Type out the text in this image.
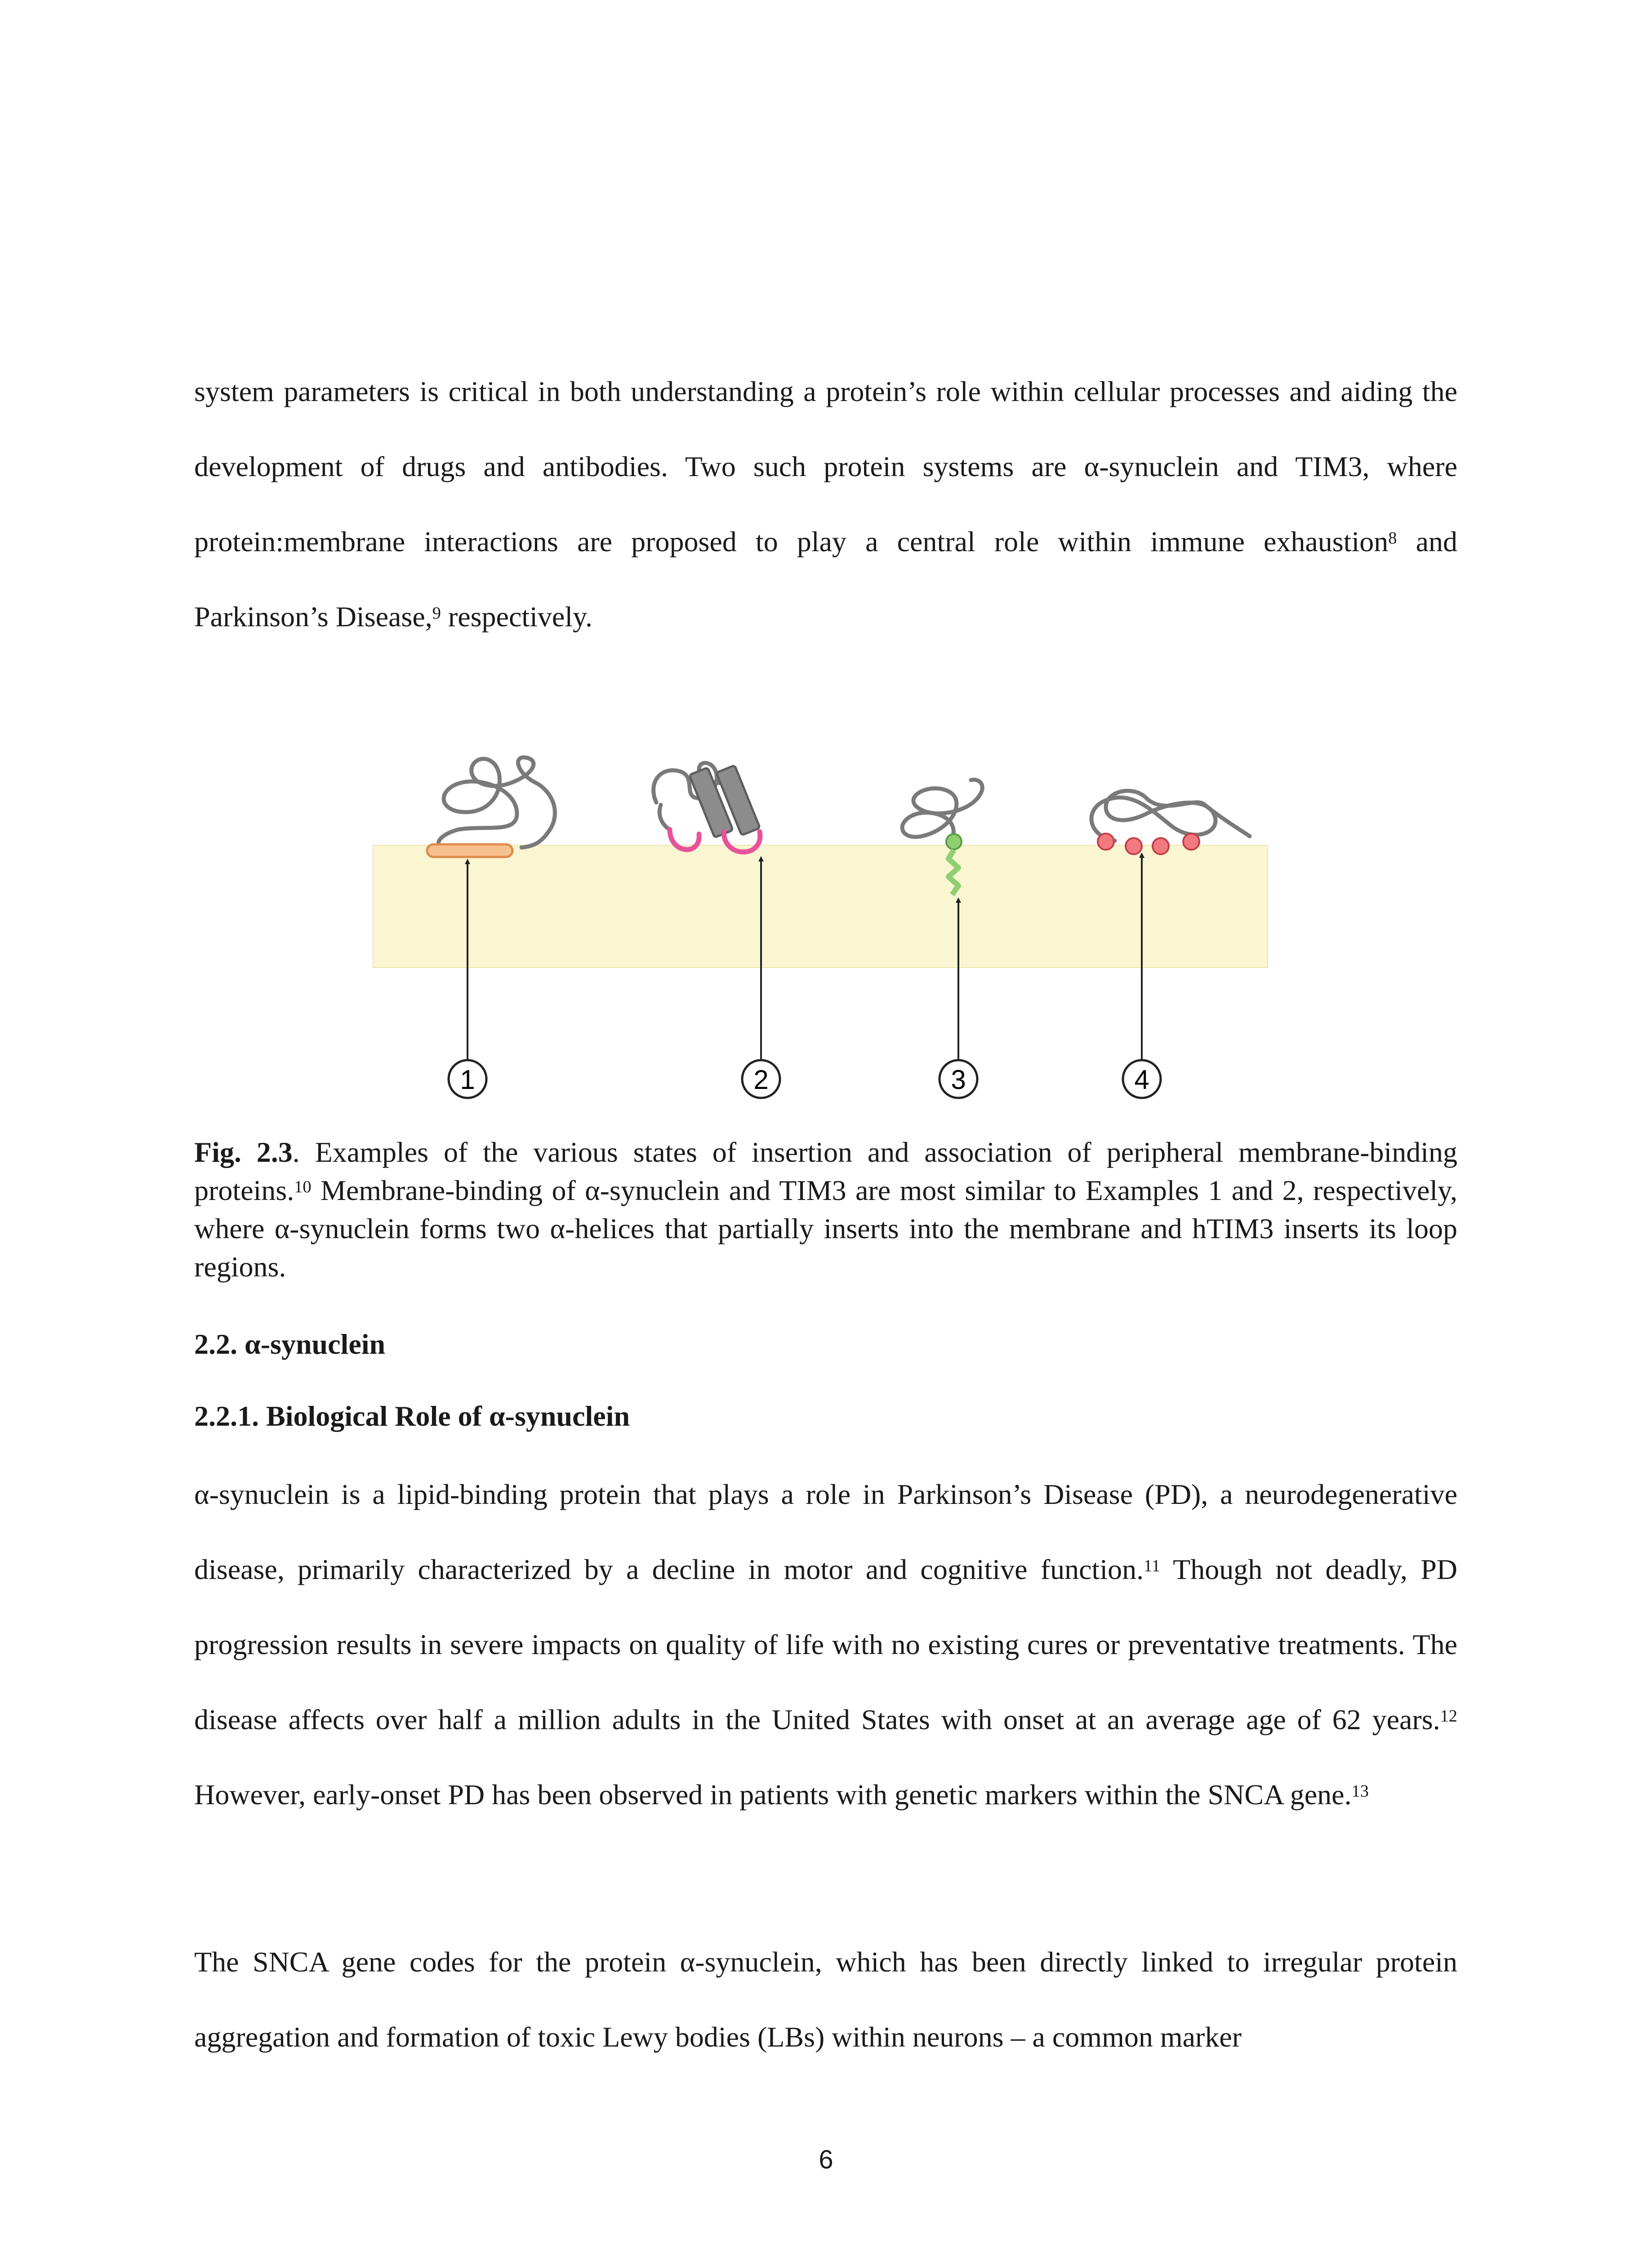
system parameters is critical in both understanding a protein’s role within cellular processes and aiding the development of drugs and antibodies. Two such protein systems are α-synuclein and TIM3, where protein:membrane interactions are proposed to play a central role within immune exhaustion$^8$ and Parkinson’s Disease,$^9$ respectively.

1	2	3	4

Fig. 2.3. Examples of the various states of insertion and association of peripheral membrane-binding proteins.$^{10}$ Membrane-binding of α-synuclein and TIM3 are most similar to Examples 1 and 2, respectively, where α-synuclein forms two α-helices that partially inserts into the membrane and hTIM3 inserts its loop regions.

2.2. α-synuclein
2.2.1. Biological Role of α-synuclein

α-synuclein is a lipid-binding protein that plays a role in Parkinson’s Disease (PD), a neurodegenerative disease, primarily characterized by a decline in motor and cognitive function.$^{11}$ Though not deadly, PD progression results in severe impacts on quality of life with no existing cures or preventative treatments. The disease affects over half a million adults in the United States with onset at an average age of 62 years.$^{12}$ However, early-onset PD has been observed in patients with genetic markers within the SNCA gene.$^{13}$

The SNCA gene codes for the protein α-synuclein, which has been directly linked to irregular protein aggregation and formation of toxic Lewy bodies (LBs) within neurons – a common marker

6
